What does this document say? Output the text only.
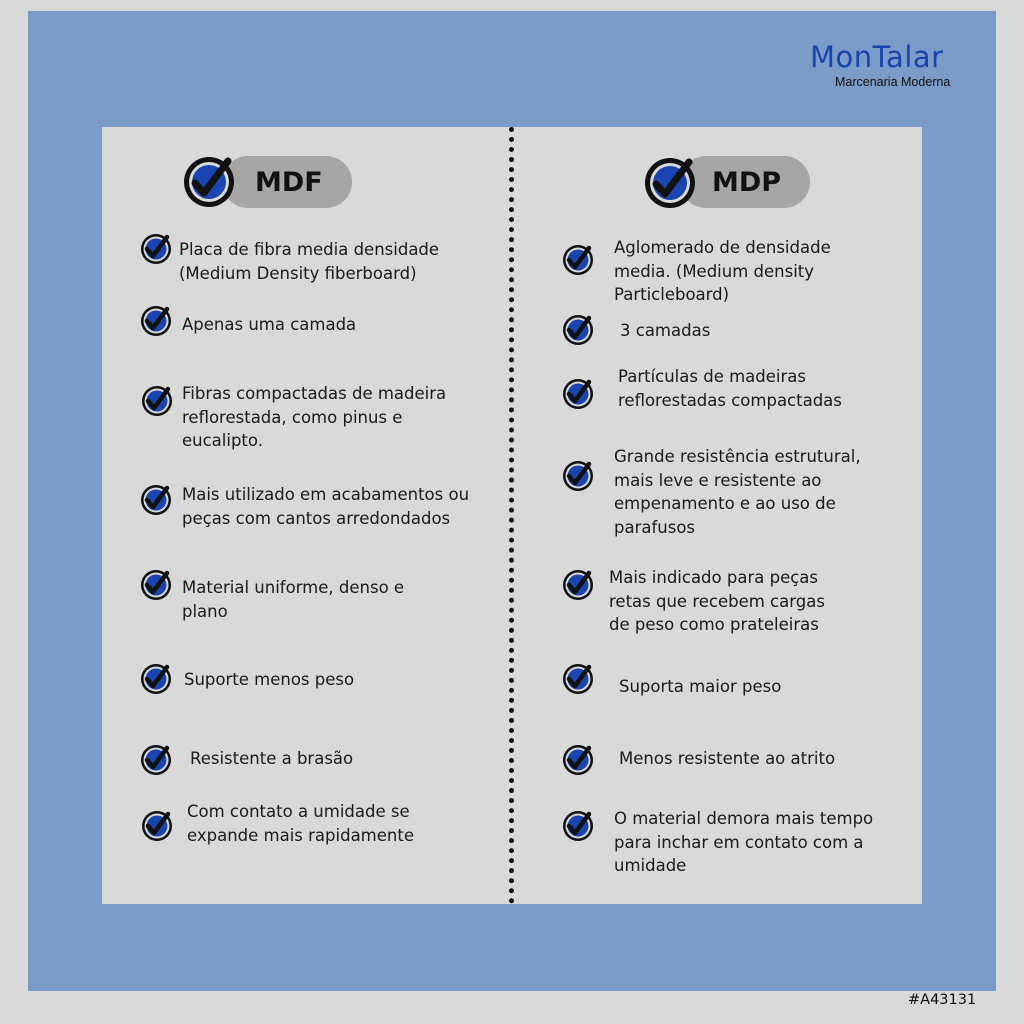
MonTalar
Marcenaria Moderna
MDF	MDP
Placa de fibra media densidade
(Medium Density fiberboard)
Apenas uma camada
Fibras compactadas de madeira
reflorestada, como pinus e
eucalipto.
Mais utilizado em acabamentos ou
peças com cantos arredondados
Material uniforme, denso e
plano
Suporte menos peso
Resistente a brasão
Com contato a umidade se
expande mais rapidamente
Aglomerado de densidade
media. (Medium density
Particleboard)
3 camadas
Partículas de madeiras
reflorestadas compactadas
Grande resistência estrutural,
mais leve e resistente ao
empenamento e ao uso de
parafusos
Mais indicado para peças
retas que recebem cargas
de peso como prateleiras
Suporta maior peso
Menos resistente ao atrito
O material demora mais tempo
para inchar em contato com a
umidade
#A43131
